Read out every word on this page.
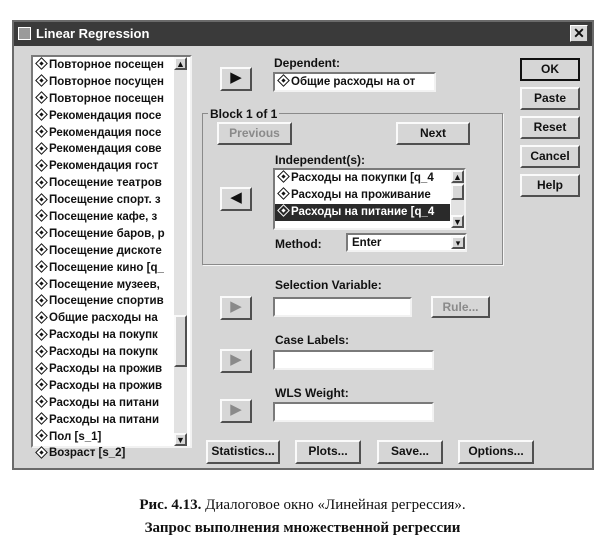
Linear Regression	✕
Повторное посещен
Повторное посущен
Повторное посещен
Рекомендация посе
Рекомендация посе
Рекомендация сове
Рекомендация гост
Посещение театров
Посещение спорт. з
Посещение кафе, з
Посещение баров, р
Посещение дискоте
Посещение кино [q_
Посещение музеев,
Посещение спортив
Общие расходы на
Расходы на покупк
Расходы на покупк
Расходы на прожив
Расходы на прожив
Расходы на питани
Расходы на питани
Пол [s_1]
Возраст [s_2]
▲
▼
▶
Dependent:
Общие расходы на от
Block 1 of 1
Previous	Next
◀
Independent(s):
Расходы на покупки [q_4
Расходы на проживание
Расходы на питание [q_4
▲
▼
Method:	Enter	▾
Selection Variable:
▶	Rule...
Case Labels:
▶
WLS Weight:
▶
OK
Paste
Reset
Cancel
Help
Statistics...	Plots...	Save...	Options...
Рис. 4.13. Диалоговое окно «Линейная регрессия».
Запрос выполнения множественной регрессии
